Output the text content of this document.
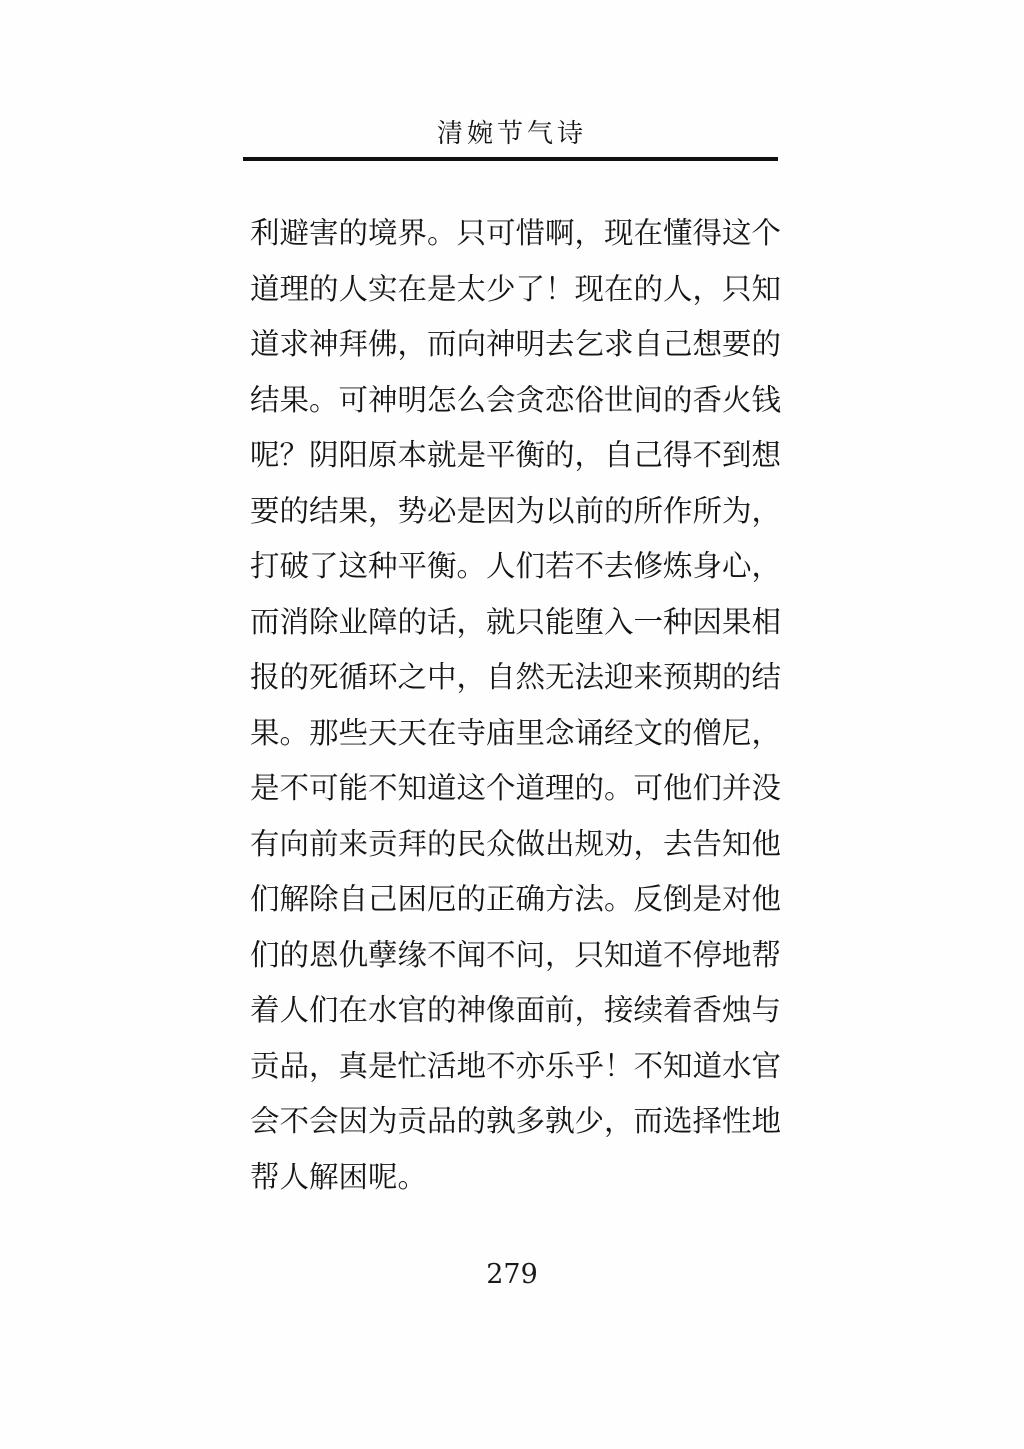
清婉节气诗
利避害的境界。只可惜啊，现在懂得这个
道理的人实在是太少了！现在的人，只知
道求神拜佛，而向神明去乞求自己想要的
结果。可神明怎么会贪恋俗世间的香火钱
呢？阴阳原本就是平衡的，自己得不到想
要的结果，势必是因为以前的所作所为，
打破了这种平衡。人们若不去修炼身心，
而消除业障的话，就只能堕入一种因果相
报的死循环之中，自然无法迎来预期的结
果。那些天天在寺庙里念诵经文的僧尼，
是不可能不知道这个道理的。可他们并没
有向前来贡拜的民众做出规劝，去告知他
们解除自己困厄的正确方法。反倒是对他
们的恩仇孽缘不闻不问，只知道不停地帮
着人们在水官的神像面前，接续着香烛与
贡品，真是忙活地不亦乐乎！不知道水官
会不会因为贡品的孰多孰少，而选择性地
帮人解困呢。
279
